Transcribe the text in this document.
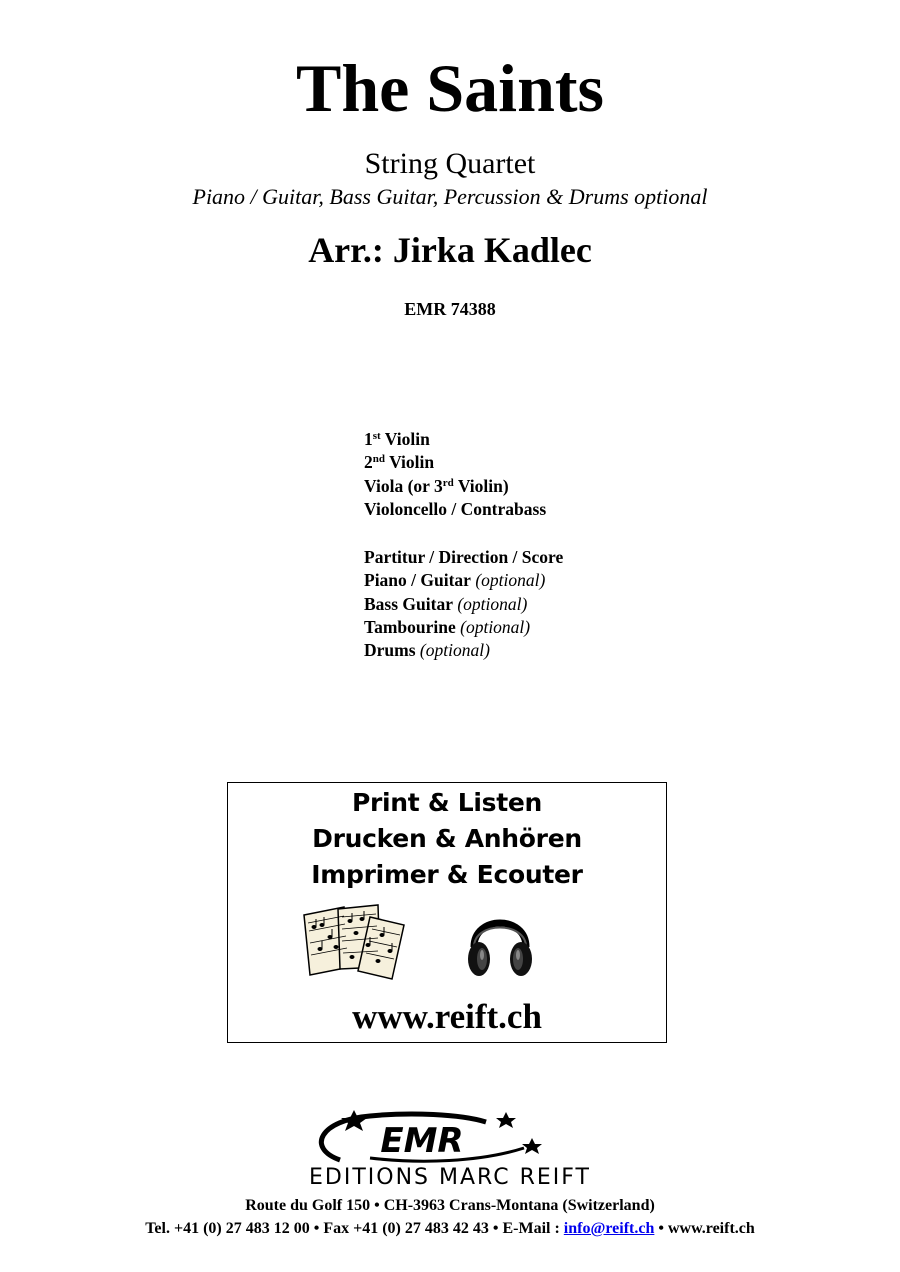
The Saints
String Quartet
Piano / Guitar, Bass Guitar, Percussion & Drums optional
Arr.: Jirka Kadlec
EMR 74388
1st Violin
2nd Violin
Viola (or 3rd Violin)
Violoncello / Contrabass
Partitur / Direction / Score
Piano / Guitar (optional)
Bass Guitar (optional)
Tambourine (optional)
Drums (optional)
Print & Listen
Drucken & Anhören
Imprimer & Ecouter
www.reift.ch
EMR
EDITIONS MARC REIFT
Route du Golf 150 • CH-3963 Crans-Montana (Switzerland)
Tel. +41 (0) 27 483 12 00 • Fax +41 (0) 27 483 42 43 • E-Mail : info@reift.ch • www.reift.ch
